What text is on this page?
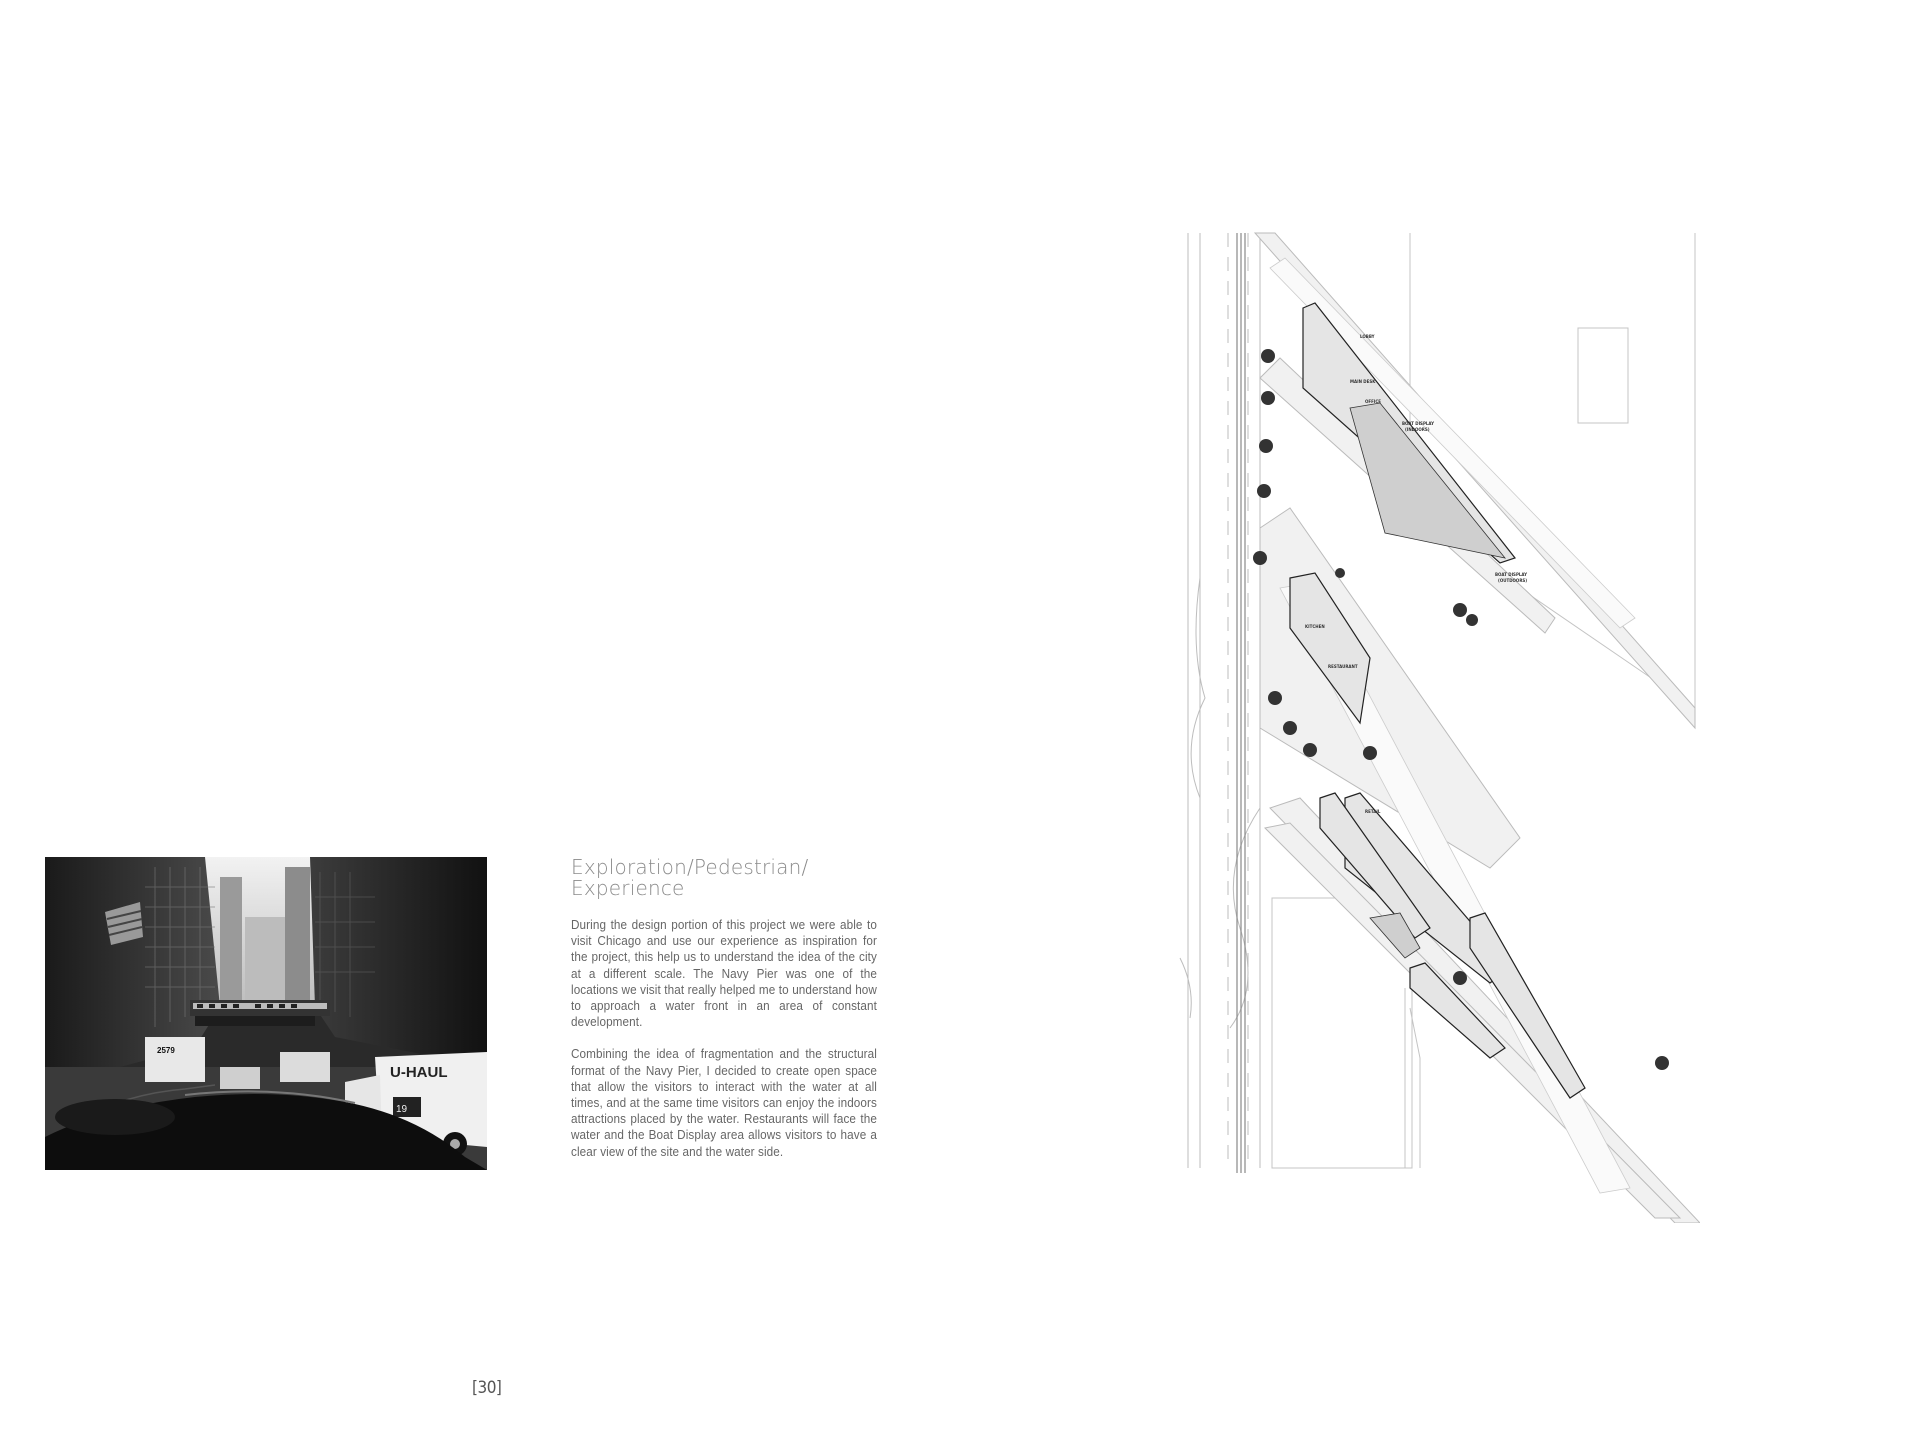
U-HAUL
19
2579
Exploration/Pedestrian/
Experience

During the design portion of this project we were able to visit Chicago and use our experience as inspiration for the project, this help us to understand the idea of the city at a different scale. The Navy Pier was one of the locations we visit that really helped me to understand how to approach a water front in an area of constant development.

Combining the idea of fragmentation and the structural format of the Navy Pier, I decided to create open space that allow the visitors to interact with the water at all times, and at the same time visitors can enjoy the indoors attractions placed by the water. Restaurants will face the water and the Boat Display area allows visitors to have a clear view of the site and the water side.

[30]
LOBBY
MAIN DESK
OFFICE
BOAT DISPLAY
(INDOORS)
BOAT DISPLAY
(OUTDOORS)
KITCHEN
RESTAURANT
RETAIL
